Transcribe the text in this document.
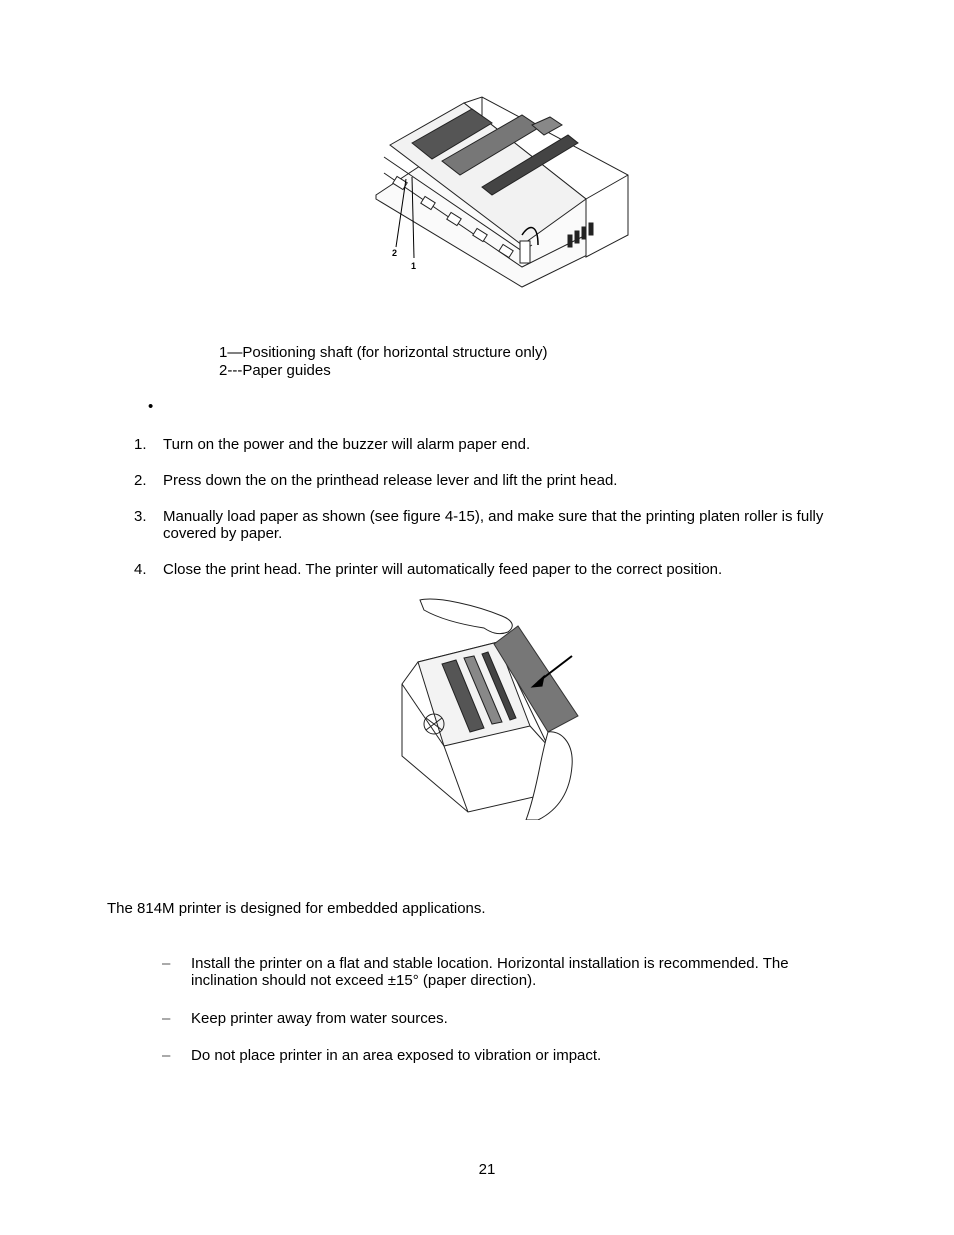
2
1
1—Positioning shaft (for horizontal structure only)
2---Paper guides
•
1. Turn on the power and the buzzer will alarm paper end.
2. Press down the on the printhead release lever and lift the print head.
3. Manually load paper as shown (see figure 4-15), and make sure that the printing platen roller is fully covered by paper.
4. Close the print head. The printer will automatically feed paper to the correct position.
The 814M printer is designed for embedded applications.
– Install the printer on a flat and stable location. Horizontal installation is recommended. The inclination should not exceed ±15° (paper direction).
– Keep printer away from water sources.
– Do not place printer in an area exposed to vibration or impact.
21
